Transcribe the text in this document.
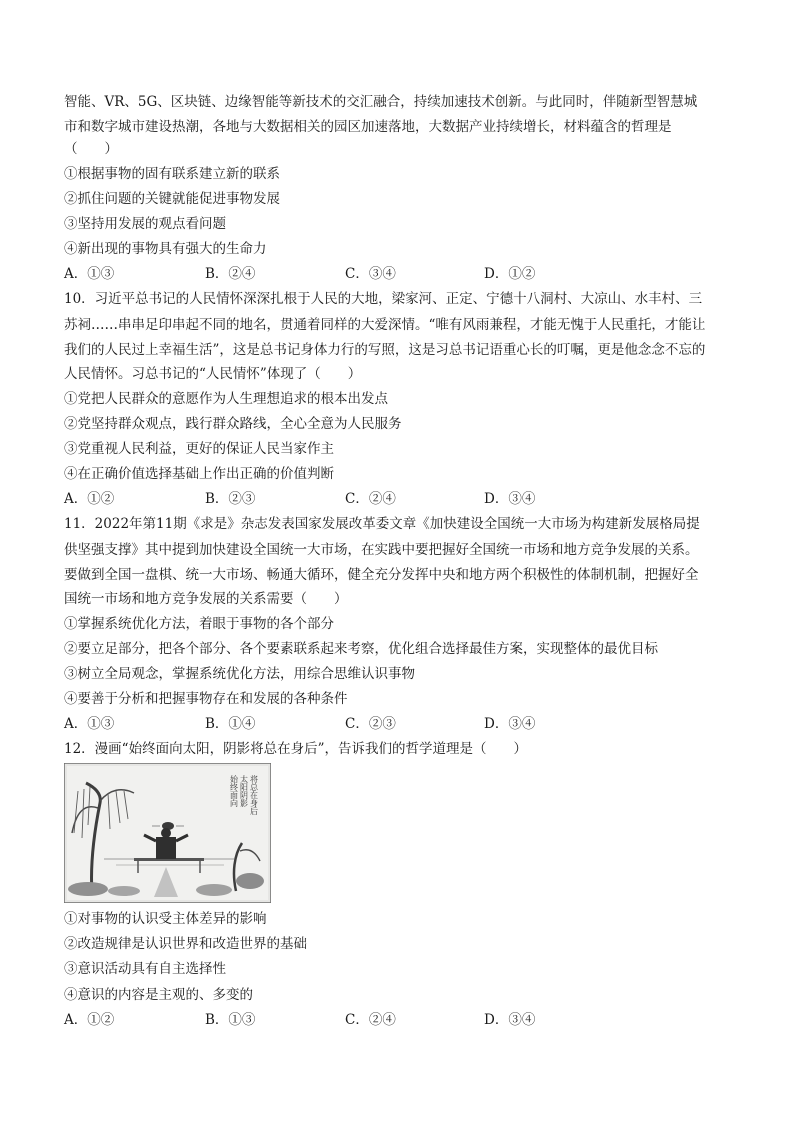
智能、VR、5G、区块链、边缘智能等新技术的交汇融合，持续加速技术创新。与此同时，伴随新型智慧城
市和数字城市建设热潮，各地与大数据相关的园区加速落地，大数据产业持续增长，材料蕴含的哲理是
（　　）
①根据事物的固有联系建立新的联系
②抓住问题的关键就能促进事物发展
③坚持用发展的观点看问题
④新出现的事物具有强大的生命力
A．①③	B．②④	C．③④	D．①②
10．习近平总书记的人民情怀深深扎根于人民的大地，梁家河、正定、宁德十八洞村、大凉山、水丰村、三
苏祠……串串足印串起不同的地名，贯通着同样的大爱深情。“唯有风雨兼程，才能无愧于人民重托，才能让
我们的人民过上幸福生活”，这是总书记身体力行的写照，这是习总书记语重心长的叮嘱，更是他念念不忘的
人民情怀。习总书记的“人民情怀”体现了（　　）
①党把人民群众的意愿作为人生理想追求的根本出发点
②党坚持群众观点，践行群众路线，全心全意为人民服务
③党重视人民利益，更好的保证人民当家作主
④在正确价值选择基础上作出正确的价值判断
A．①②	B．②③	C．②④	D．③④
11．2022年第11期《求是》杂志发表国家发展改革委文章《加快建设全国统一大市场为构建新发展格局提
供坚强支撑》其中提到加快建设全国统一大市场，在实践中要把握好全国统一市场和地方竞争发展的关系。
要做到全国一盘棋、统一大市场、畅通大循环，健全充分发挥中央和地方两个积极性的体制机制，把握好全
国统一市场和地方竞争发展的关系需要（　　）
①掌握系统优化方法，着眼于事物的各个部分
②要立足部分，把各个部分、各个要素联系起来考察，优化组合选择最佳方案，实现整体的最优目标
③树立全局观念，掌握系统优化方法，用综合思维认识事物
④要善于分析和把握事物存在和发展的各种条件
A．①③	B．①④	C．②③	D．③④
12．漫画“始终面向太阳，阴影将总在身后”，告诉我们的哲学道理是（　　）
始终面向 太阳阴影 将总在身后
①对事物的认识受主体差异的影响
②改造规律是认识世界和改造世界的基础
③意识活动具有自主选择性
④意识的内容是主观的、多变的
A．①②	B．①③	C．②④	D．③④
